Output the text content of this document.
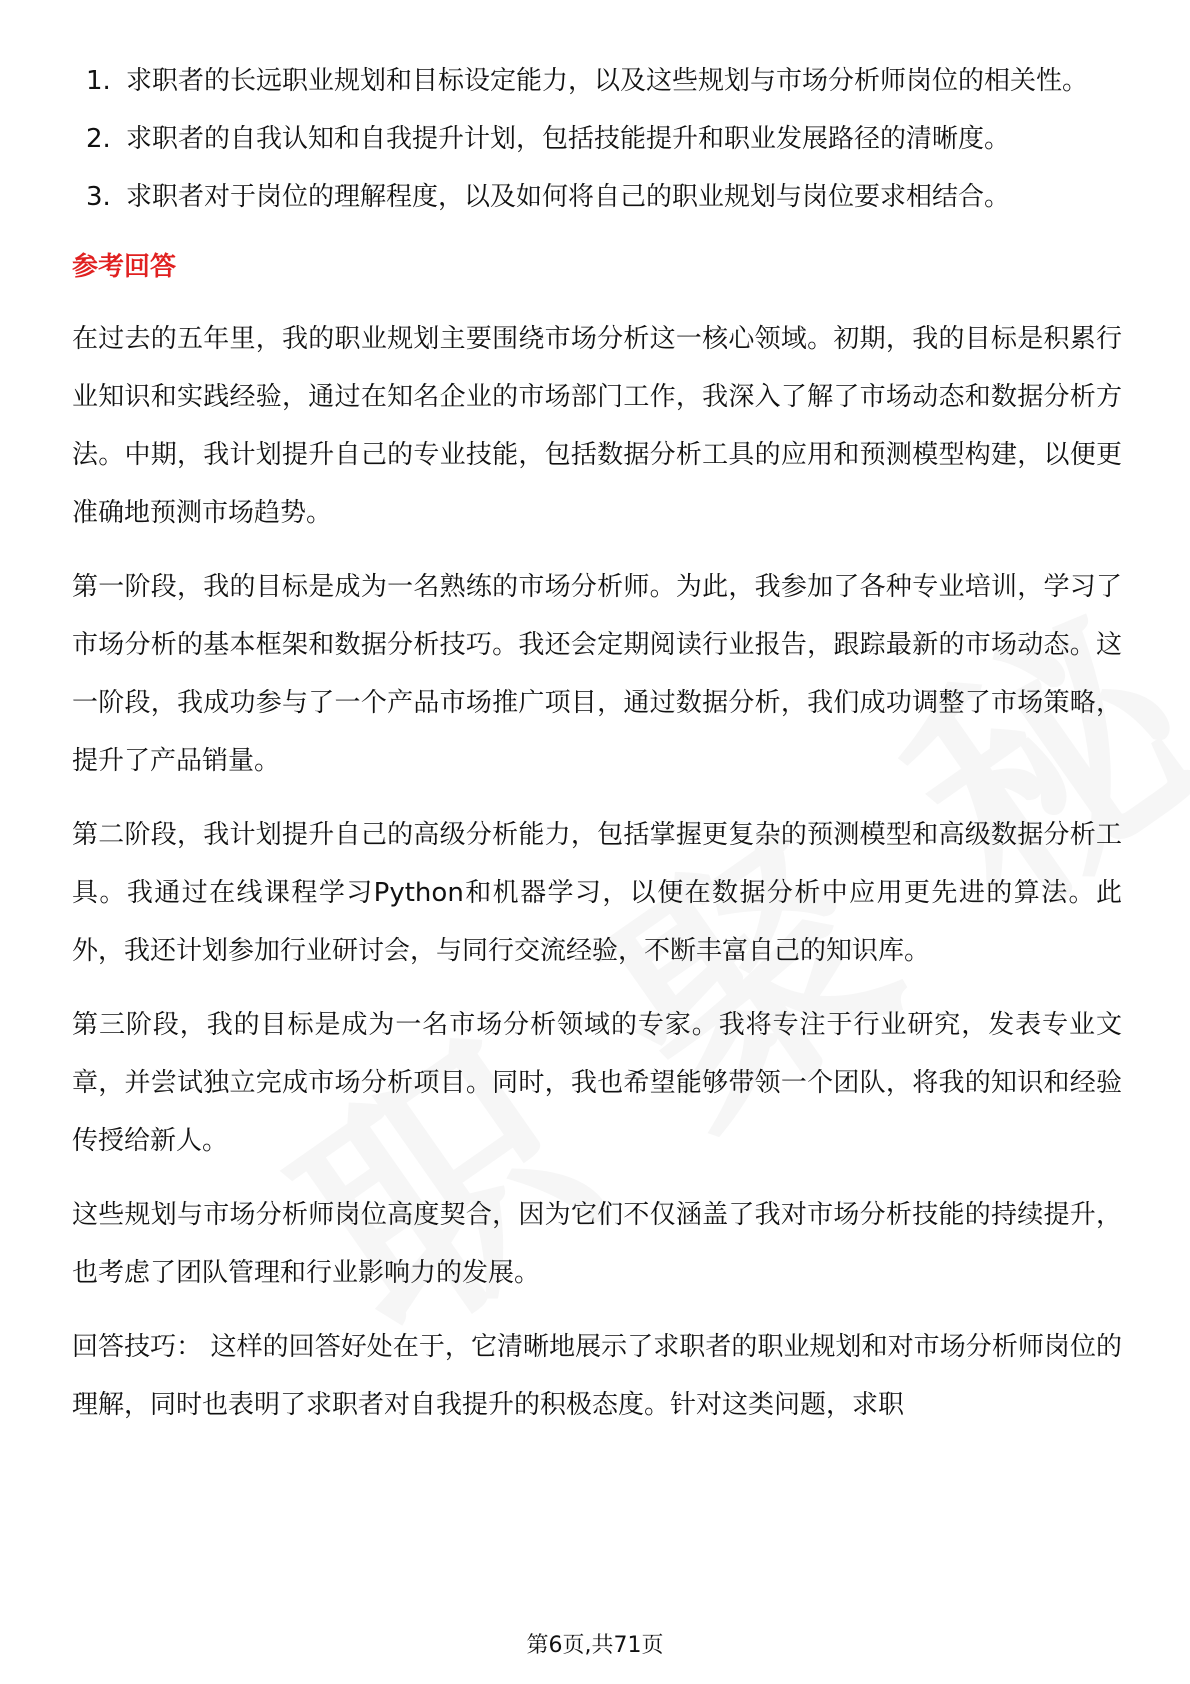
1. 求职者的长远职业规划和目标设定能力，以及这些规划与市场分析师岗位的相关性。
2. 求职者的自我认知和自我提升计划，包括技能提升和职业发展路径的清晰度。
3. 求职者对于岗位的理解程度，以及如何将自己的职业规划与岗位要求相结合。
参考回答
在过去的五年里，我的职业规划主要围绕市场分析这一核心领域。初期，我的目标是积累行业知识和实践经验，通过在知名企业的市场部门工作，我深入了解了市场动态和数据分析方法。中期，我计划提升自己的专业技能，包括数据分析工具的应用和预测模型构建，以便更准确地预测市场趋势。
第一阶段，我的目标是成为一名熟练的市场分析师。为此，我参加了各种专业培训，学习了市场分析的基本框架和数据分析技巧。我还会定期阅读行业报告，跟踪最新的市场动态。这一阶段，我成功参与了一个产品市场推广项目，通过数据分析，我们成功调整了市场策略，提升了产品销量。
第二阶段，我计划提升自己的高级分析能力，包括掌握更复杂的预测模型和高级数据分析工具。我通过在线课程学习Python和机器学习，以便在数据分析中应用更先进的算法。此外，我还计划参加行业研讨会，与同行交流经验，不断丰富自己的知识库。
第三阶段，我的目标是成为一名市场分析领域的专家。我将专注于行业研究，发表专业文章，并尝试独立完成市场分析项目。同时，我也希望能够带领一个团队，将我的知识和经验传授给新人。
这些规划与市场分析师岗位高度契合，因为它们不仅涵盖了我对市场分析技能的持续提升，也考虑了团队管理和行业影响力的发展。
回答技巧： 这样的回答好处在于，它清晰地展示了求职者的职业规划和对市场分析师岗位的理解，同时也表明了求职者对自我提升的积极态度。针对这类问题，求职
第6页,共71页
